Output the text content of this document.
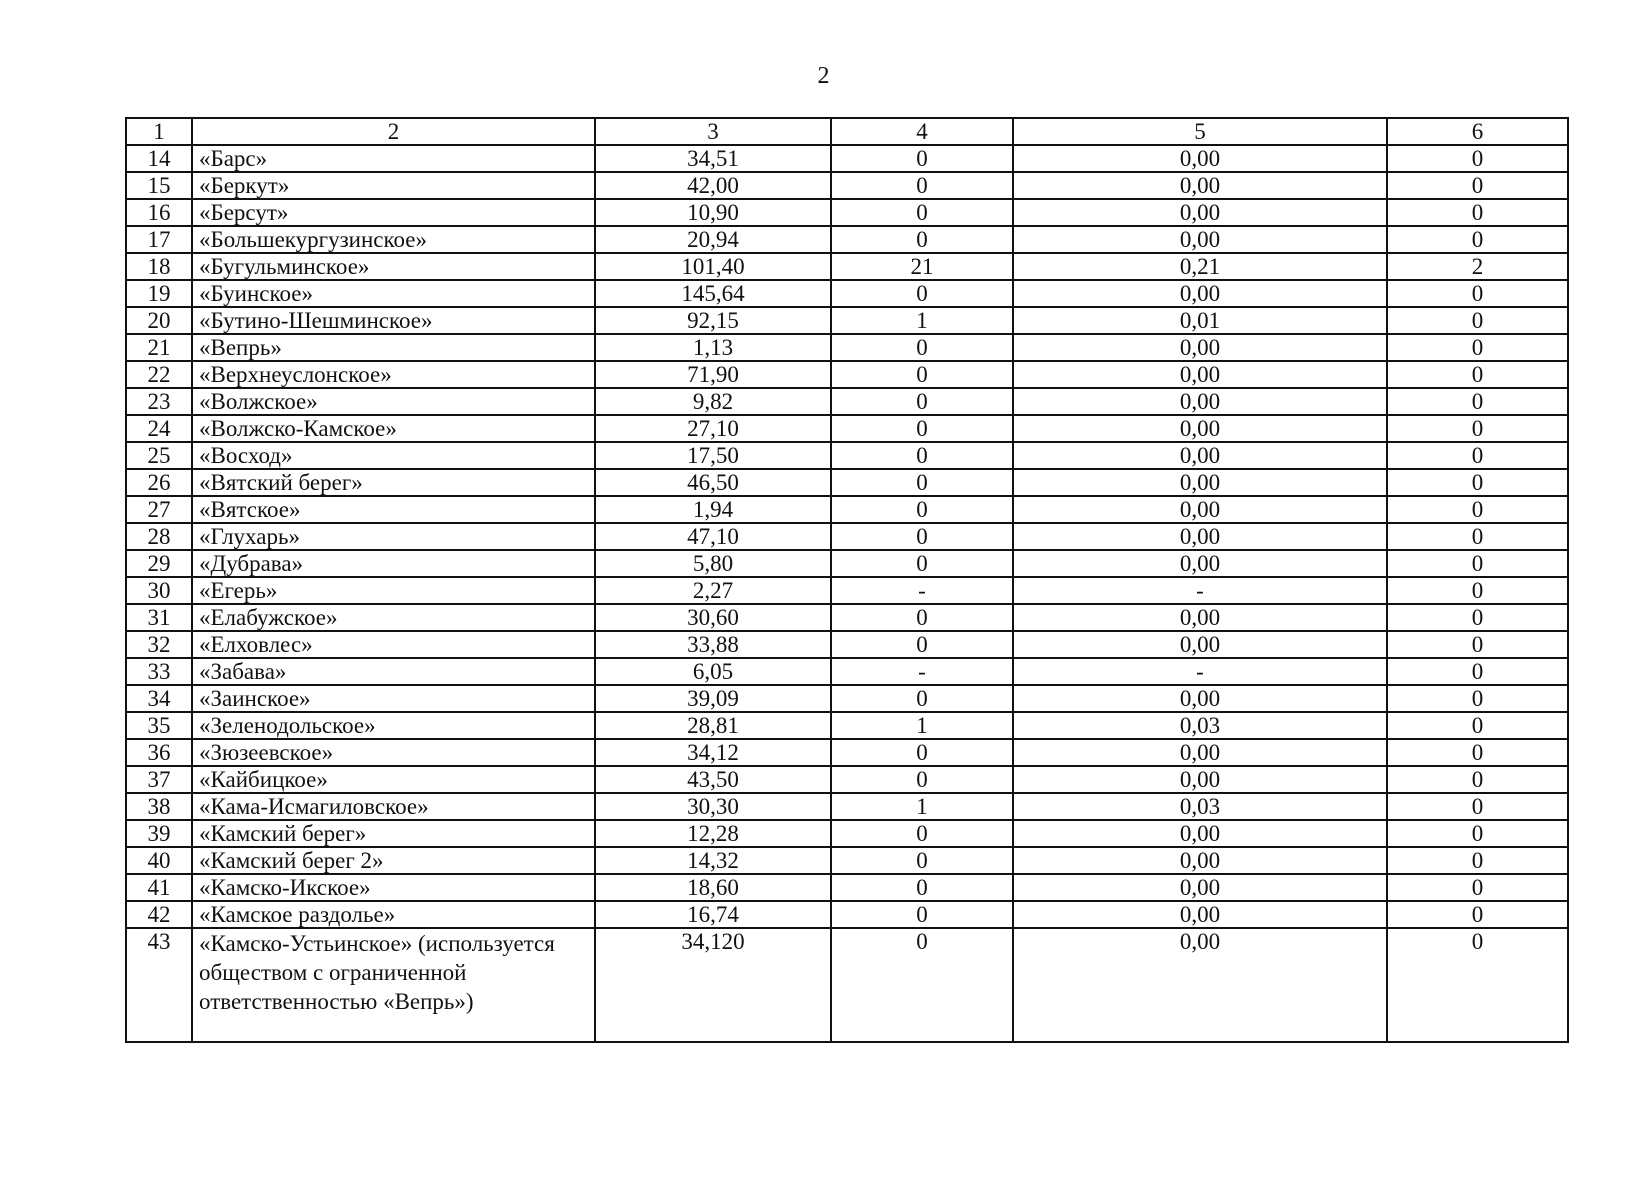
2
1	2	3	4	5	6
14	«Барс»	34,51	0	0,00	0
15	«Беркут»	42,00	0	0,00	0
16	«Берсут»	10,90	0	0,00	0
17	«Большекургузинское»	20,94	0	0,00	0
18	«Бугульминское»	101,40	21	0,21	2
19	«Буинское»	145,64	0	0,00	0
20	«Бутино-Шешминское»	92,15	1	0,01	0
21	«Вепрь»	1,13	0	0,00	0
22	«Верхнеуслонское»	71,90	0	0,00	0
23	«Волжское»	9,82	0	0,00	0
24	«Волжско-Камское»	27,10	0	0,00	0
25	«Восход»	17,50	0	0,00	0
26	«Вятский берег»	46,50	0	0,00	0
27	«Вятское»	1,94	0	0,00	0
28	«Глухарь»	47,10	0	0,00	0
29	«Дубрава»	5,80	0	0,00	0
30	«Егерь»	2,27	-	-	0
31	«Елабужское»	30,60	0	0,00	0
32	«Елховлес»	33,88	0	0,00	0
33	«Забава»	6,05	-	-	0
34	«Заинское»	39,09	0	0,00	0
35	«Зеленодольское»	28,81	1	0,03	0
36	«Зюзеевское»	34,12	0	0,00	0
37	«Кайбицкое»	43,50	0	0,00	0
38	«Кама-Исмагиловское»	30,30	1	0,03	0
39	«Камский берег»	12,28	0	0,00	0
40	«Камский берег 2»	14,32	0	0,00	0
41	«Камско-Икское»	18,60	0	0,00	0
42	«Камское раздолье»	16,74	0	0,00	0
43	«Камско-Устьинское» (используется обществом с ограниченной ответственностью «Вепрь»)	34,120	0	0,00	0
